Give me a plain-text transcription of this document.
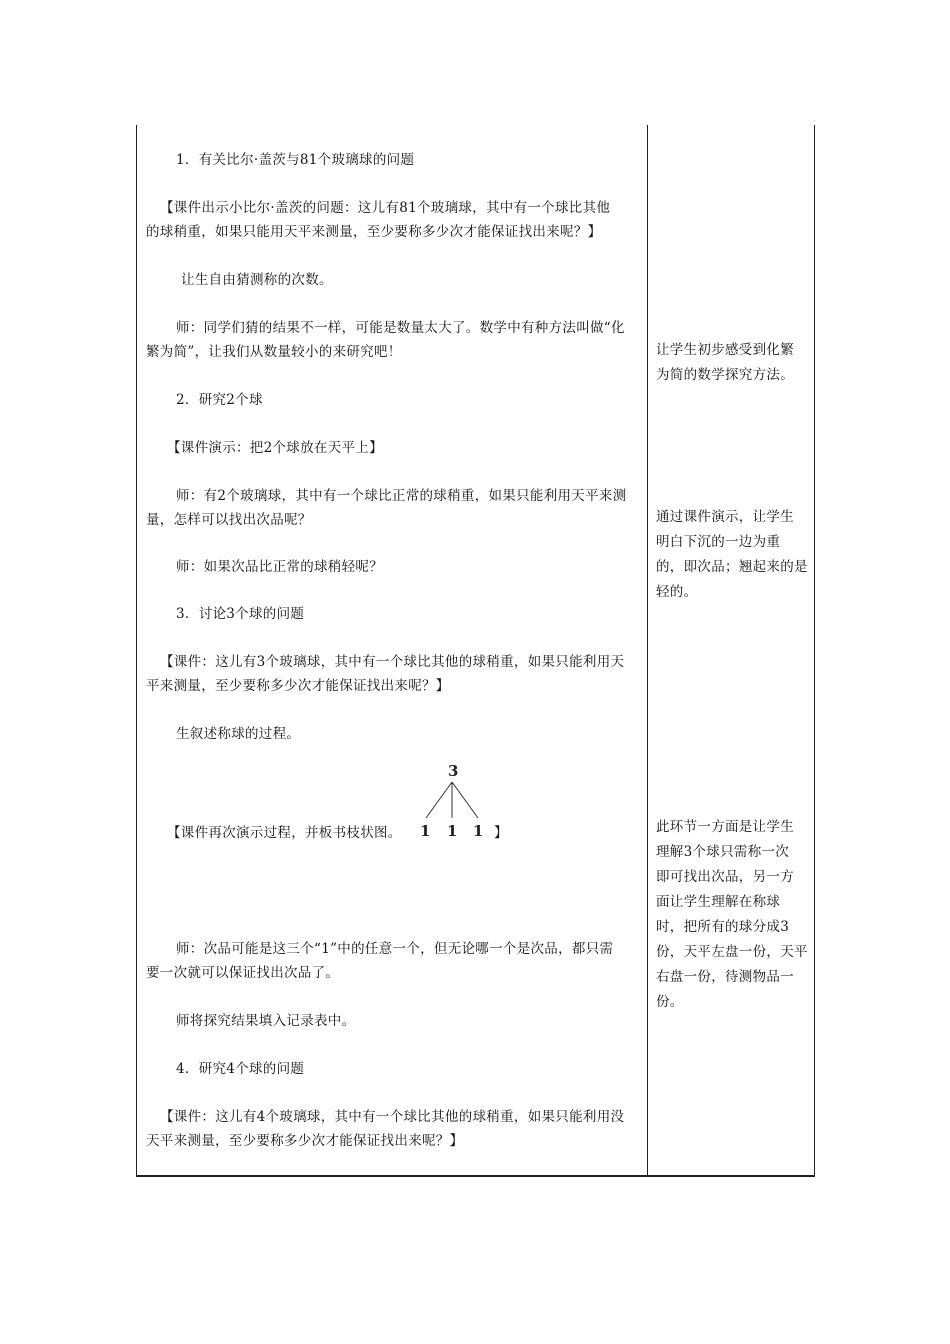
1．有关比尔·盖茨与81个玻璃球的问题

【课件出示小比尔·盖茨的问题：这儿有81个玻璃球，其中有一个球比其他

的球稍重，如果只能用天平来测量，至少要称多少次才能保证找出来呢？】

让生自由猜测称的次数。

师：同学们猜的结果不一样，可能是数量太大了。数学中有种方法叫做“化

繁为简”，让我们从数量较小的来研究吧！

2．研究2个球

【课件演示：把2个球放在天平上】

师：有2个玻璃球，其中有一个球比正常的球稍重，如果只能利用天平来测

量，怎样可以找出次品呢？

师：如果次品比正常的球稍轻呢？

3．讨论3个球的问题

【课件：这儿有3个玻璃球，其中有一个球比其他的球稍重，如果只能利用天

平来测量，至少要称多少次才能保证找出来呢？】

生叙述称球的过程。

【课件再次演示过程，并板书枝状图。

3
1 1 1 】

师：次品可能是这三个“1”中的任意一个，但无论哪一个是次品，都只需

要一次就可以保证找出次品了。

师将探究结果填入记录表中。

4．研究4个球的问题

【课件：这儿有4个玻璃球，其中有一个球比其他的球稍重，如果只能利用没

天平来测量，至少要称多少次才能保证找出来呢？】

让学生初步感受到化繁
为简的数学探究方法。
通过课件演示，让学生
明白下沉的一边为重
的，即次品；翘起来的是
轻的。
此环节一方面是让学生
理解3个球只需称一次
即可找出次品，另一方
面让学生理解在称球
时，把所有的球分成3
份，天平左盘一份，天平
右盘一份，待测物品一
份。
